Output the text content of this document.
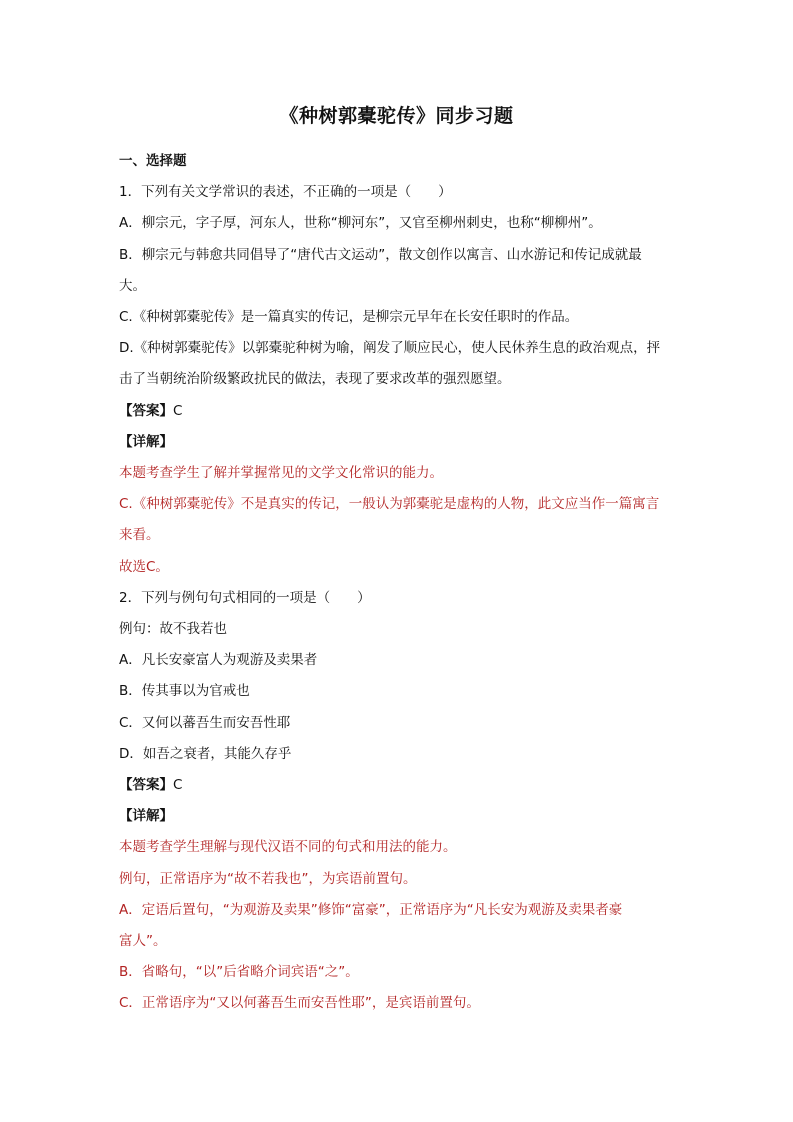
《种树郭橐驼传》同步习题
一、选择题
1．下列有关文学常识的表述，不正确的一项是（　　）
A．柳宗元，字子厚，河东人，世称“柳河东”，又官至柳州刺史，也称“柳柳州”。
B．柳宗元与韩愈共同倡导了“唐代古文运动”，散文创作以寓言、山水游记和传记成就最
大。
C.《种树郭橐驼传》是一篇真实的传记，是柳宗元早年在长安任职时的作品。
D.《种树郭橐驼传》以郭橐驼种树为喻，阐发了顺应民心，使人民休养生息的政治观点，抨
击了当朝统治阶级繁政扰民的做法，表现了要求改革的强烈愿望。
【答案】C
【详解】
本题考查学生了解并掌握常见的文学文化常识的能力。
C.《种树郭橐驼传》不是真实的传记，一般认为郭橐驼是虚构的人物，此文应当作一篇寓言
来看。
故选C。
2．下列与例句句式相同的一项是（　　）
例句：故不我若也
A．凡长安豪富人为观游及卖果者
B．传其事以为官戒也
C．又何以蕃吾生而安吾性耶
D．如吾之衰者，其能久存乎
【答案】C
【详解】
本题考查学生理解与现代汉语不同的句式和用法的能力。
例句，正常语序为“故不若我也”，为宾语前置句。
A．定语后置句，“为观游及卖果”修饰“富豪”，正常语序为“凡长安为观游及卖果者豪
富人”。
B．省略句，“以”后省略介词宾语“之”。
C．正常语序为“又以何蕃吾生而安吾性耶”，是宾语前置句。
